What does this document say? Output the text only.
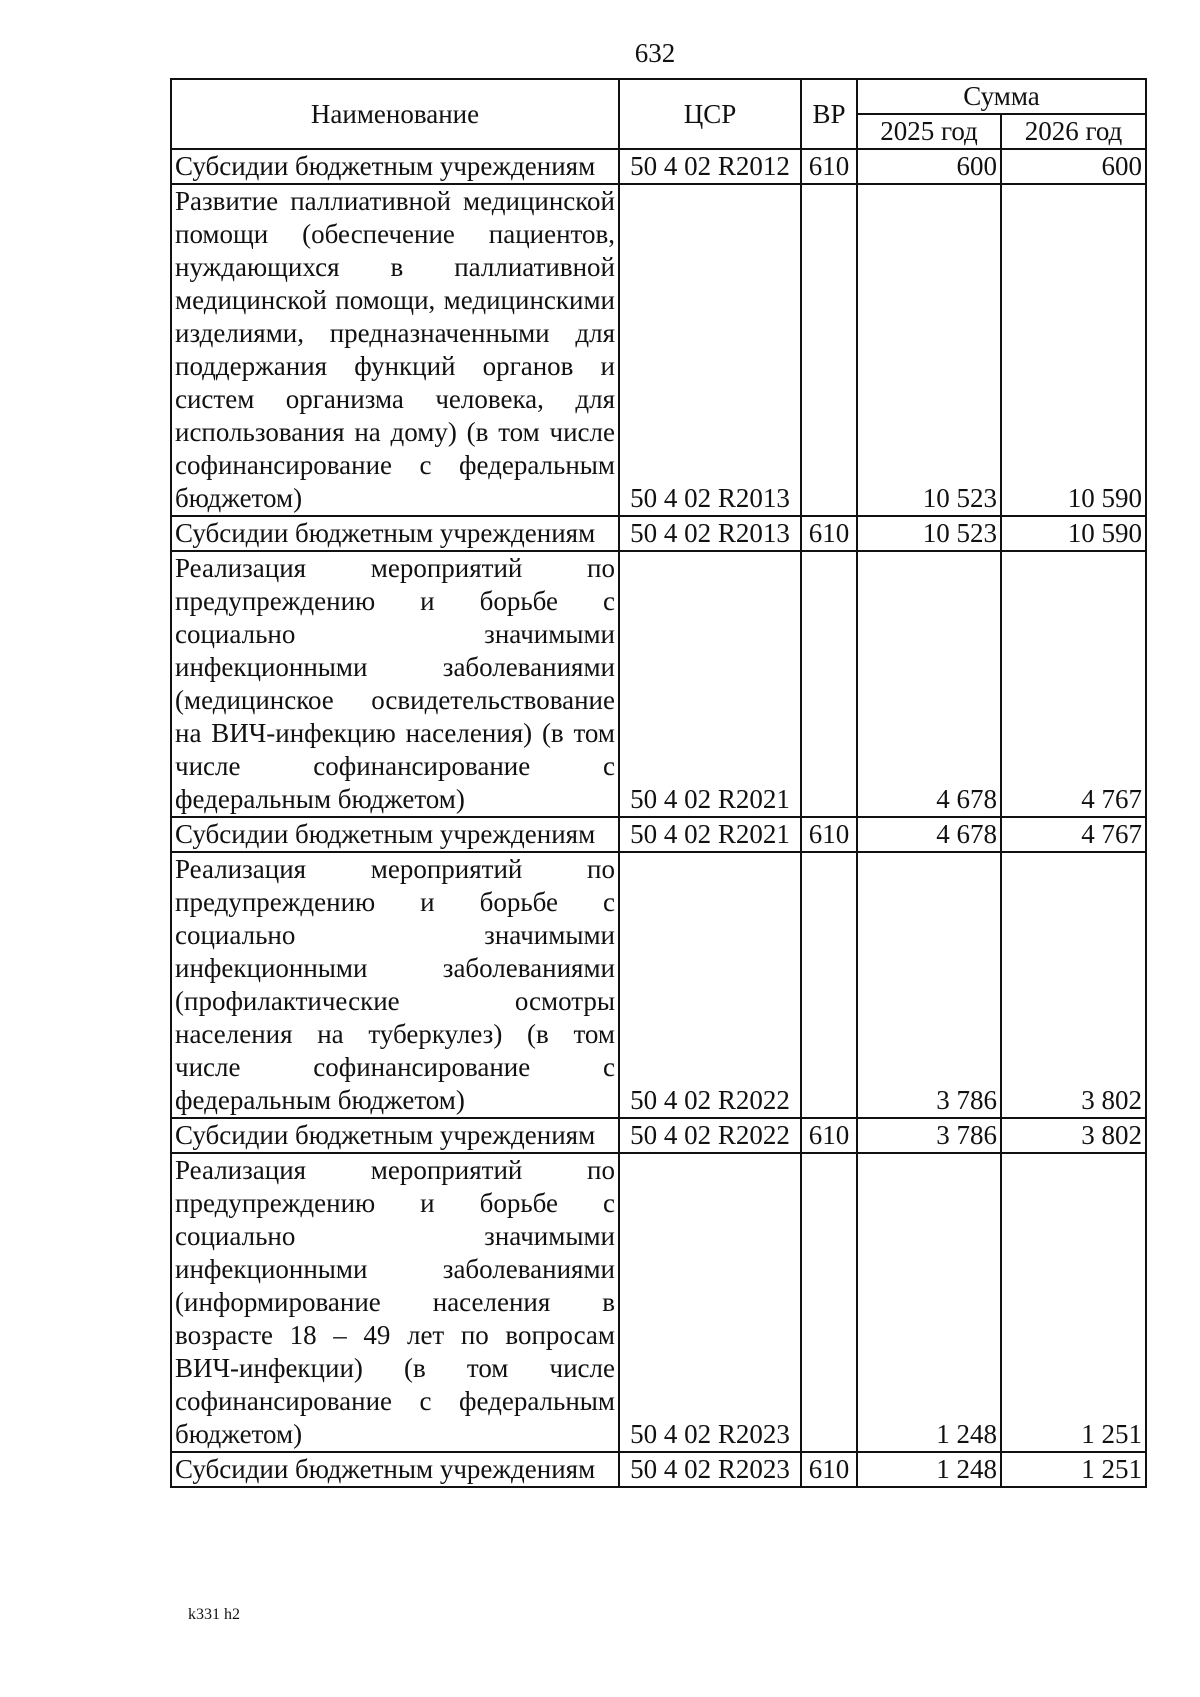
632
Наименование	ЦСР	ВР	Сумма	
			2025 год	2026 год
Субсидии бюджетным учреждениям	50 4 02 R2012	610	600	600
Развитие паллиативной медицинской помощи (обеспечение пациентов, нуждающихся в паллиативной медицинской помощи, медицинскими изделиями, предназначенными для поддержания функций органов и систем организма человека, для использования на дому) (в том числе софинансирование с федеральным бюджетом)	50 4 02 R2013		10 523	10 590
Субсидии бюджетным учреждениям	50 4 02 R2013	610	10 523	10 590
Реализация мероприятий по предупреждению и борьбе с социально значимыми инфекционными заболеваниями (медицинское освидетельствование на ВИЧ-инфекцию населения) (в том числе софинансирование с федеральным бюджетом)	50 4 02 R2021		4 678	4 767
Субсидии бюджетным учреждениям	50 4 02 R2021	610	4 678	4 767
Реализация мероприятий по предупреждению и борьбе с социально значимыми инфекционными заболеваниями (профилактические осмотры населения на туберкулез) (в том числе софинансирование с федеральным бюджетом)	50 4 02 R2022		3 786	3 802
Субсидии бюджетным учреждениям	50 4 02 R2022	610	3 786	3 802
Реализация мероприятий по предупреждению и борьбе с социально значимыми инфекционными заболеваниями (информирование населения в возрасте 18 – 49 лет по вопросам ВИЧ-инфекции) (в том числе софинансирование с федеральным бюджетом)	50 4 02 R2023		1 248	1 251
Субсидии бюджетным учреждениям	50 4 02 R2023	610	1 248	1 251
k331 h2
